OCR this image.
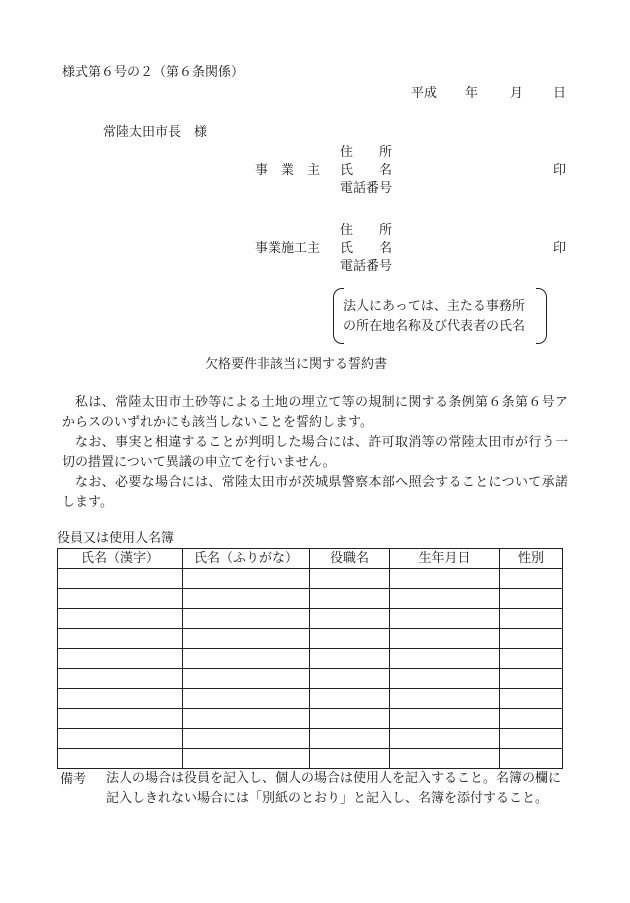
様式第６号の２（第６条関係）
平成 年 月 日
常陸太田市長　様
事　業　主
住　　所
氏　　名
電話番号
印
事業施工主
住　　所
氏　　名
電話番号
印
法人にあっては、主たる事務所
の所在地名称及び代表者の氏名
欠格要件非該当に関する誓約書

私は、常陸太田市土砂等による土地の埋立て等の規制に関する条例第６条第６号アからスのいずれかにも該当しないことを誓約します。

なお、事実と相違することが判明した場合には、許可取消等の常陸太田市が行う一切の措置について異議の申立てを行いません。

なお、必要な場合には、常陸太田市が茨城県警察本部へ照会することについて承諾します。

役員又は使用人名簿
氏名（漢字）	氏名（ふりがな）	役職名	生年月日	性別

備考 法人の場合は役員を記入し、個人の場合は使用人を記入すること。名簿の欄に記入しきれない場合には「別紙のとおり」と記入し、名簿を添付すること。
